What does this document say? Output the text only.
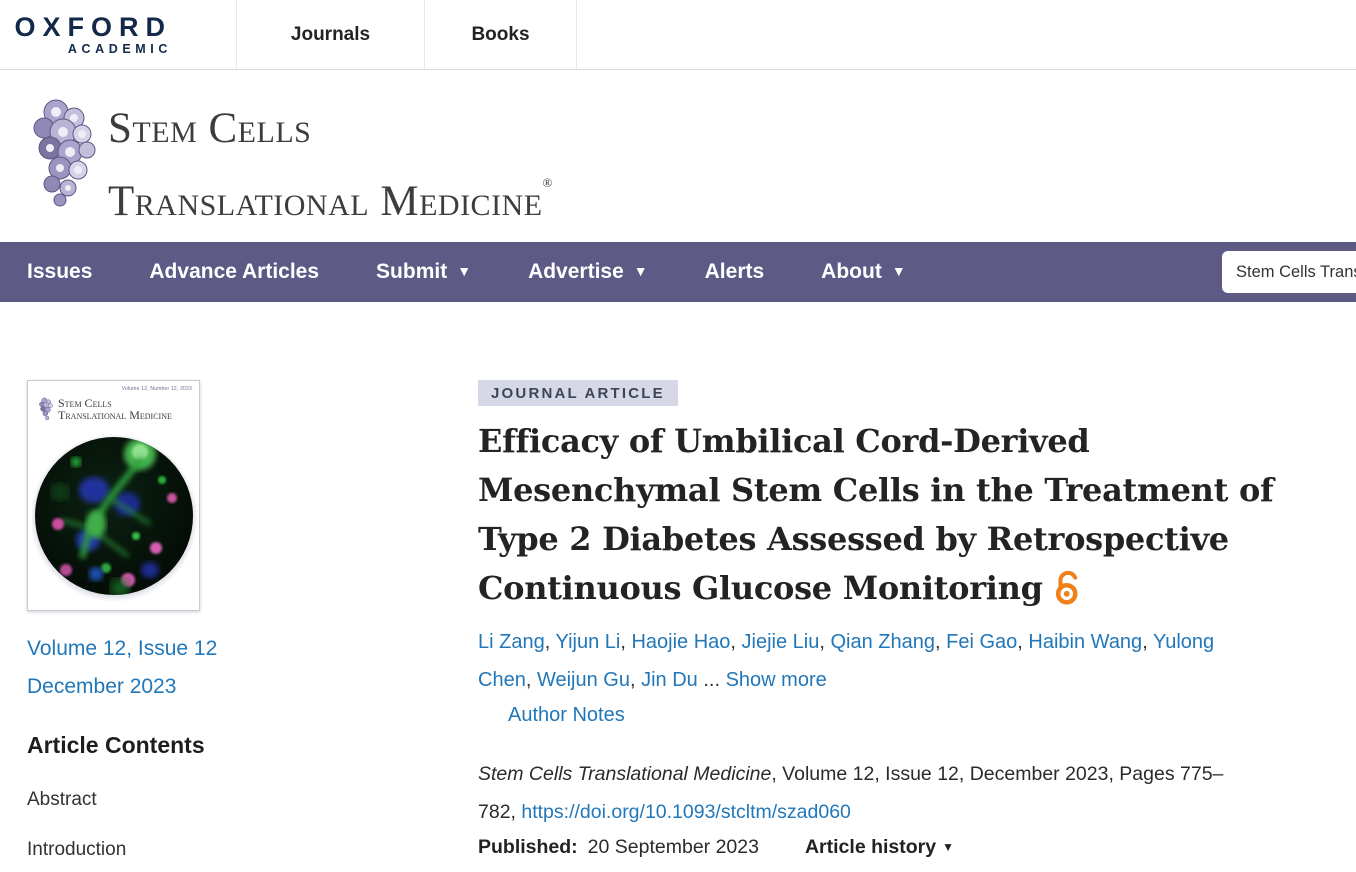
OXFORD
ACADEMIC
Journals	Books
Stem Cells
Translational Medicine®
Issues	Advance Articles	Submit ▼	Advertise ▼	Alerts	About ▼
Stem Cells Transl
Volume 12, Number 12, 2023
Stem Cells
Translational Medicine
Volume 12, Issue 12
December 2023
Article Contents
Abstract
Introduction
JOURNAL ARTICLE
Efficacy of Umbilical Cord-Derived Mesenchymal Stem Cells in the Treatment of Type 2 Diabetes Assessed by Retrospective Continuous Glucose Monitoring

Li Zang, Yijun Li, Haojie Hao, Jiejie Liu, Qian Zhang, Fei Gao, Haibin Wang, Yulong Chen, Weijun Gu, Jin Du ... Show more

Author Notes

Stem Cells Translational Medicine, Volume 12, Issue 12, December 2023, Pages 775–782, https://doi.org/10.1093/stcltm/szad060

Published: 20 September 2023 Article history ▼
